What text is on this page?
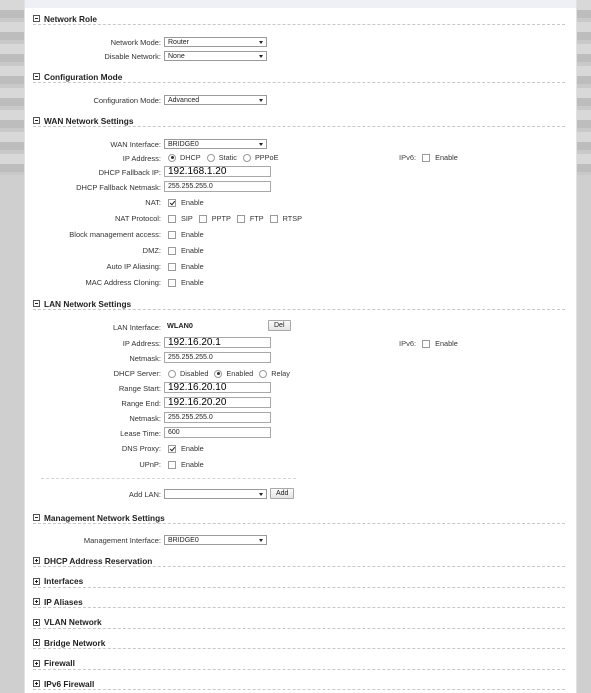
Network Role
Network Mode: Router
Disable Network: None
Configuration Mode
Configuration Mode: Advanced
WAN Network Settings
WAN Interface: BRIDGE0
IP Address:	DHCP Static PPPoE	IPv6:	Enable
DHCP Fallback IP: 192.168.1.20
DHCP Fallback Netmask:	255.255.255.0
NAT:	Enable
NAT Protocol:	SIP	PPTP	FTP	RTSP
Block management access:	Enable
DMZ:	Enable
Auto IP Aliasing:	Enable
MAC Address Cloning:	Enable
LAN Network Settings
LAN Interface: WLAN0	Del
IP Address: 192.16.20.1	IPv6:	Enable
Netmask:	255.255.255.0
DHCP Server:	Disabled Enabled Relay
Range Start: 192.16.20.10
Range End: 192.16.20.20
Netmask:	255.255.255.0
Lease Time:	600
DNS Proxy:	Enable
UPnP:	Enable
Add LAN:	Add
Management Network Settings
Management Interface: BRIDGE0
DHCP Address Reservation
Interfaces
IP Aliases
VLAN Network
Bridge Network
Firewall
IPv6 Firewall
